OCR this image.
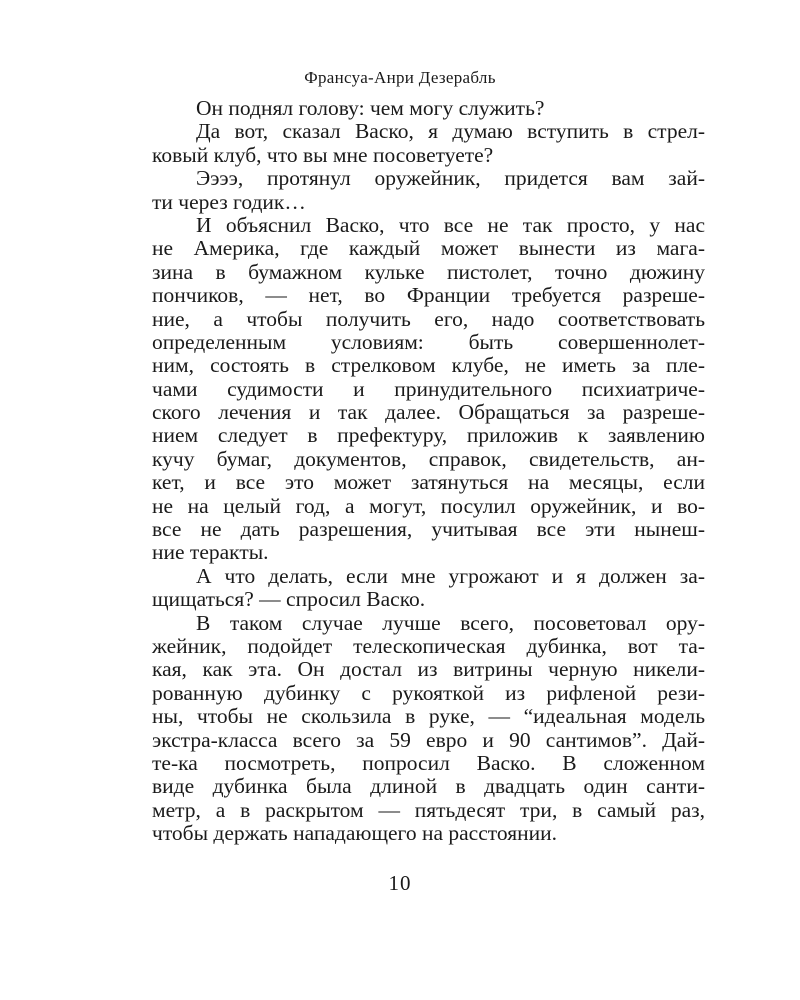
Франсуа-Анри Дезерабль
Он поднял голову: чем могу служить?
Да вот, сказал Васко, я думаю вступить в стрел-
ковый клуб, что вы мне посоветуете?
Ээээ, протянул оружейник, придется вам зай-
ти через годик…
И объяснил Васко, что все не так просто, у нас
не Америка, где каждый может вынести из мага-
зина в бумажном кульке пистолет, точно дюжину
пончиков, — нет, во Франции требуется разреше-
ние, а чтобы получить его, надо соответствовать
определенным условиям: быть совершеннолет-
ним, состоять в стрелковом клубе, не иметь за пле-
чами судимости и принудительного психиатриче-
ского лечения и так далее. Обращаться за разреше-
нием следует в префектуру, приложив к заявлению
кучу бумаг, документов, справок, свидетельств, ан-
кет, и все это может затянуться на месяцы, если
не на целый год, а могут, посулил оружейник, и во-
все не дать разрешения, учитывая все эти нынеш-
ние теракты.
А что делать, если мне угрожают и я должен за-
щищаться? — спросил Васко.
В таком случае лучше всего, посоветовал ору-
жейник, подойдет телескопическая дубинка, вот та-
кая, как эта. Он достал из витрины черную никели-
рованную дубинку с рукояткой из рифленой рези-
ны, чтобы не скользила в руке, — “идеальная модель
экстра-класса всего за 59 евро и 90 сантимов”. Дай-
те-ка посмотреть, попросил Васко. В сложенном
виде дубинка была длиной в двадцать один санти-
метр, а в раскрытом — пятьдесят три, в самый раз,
чтобы держать нападающего на расстоянии.
10
